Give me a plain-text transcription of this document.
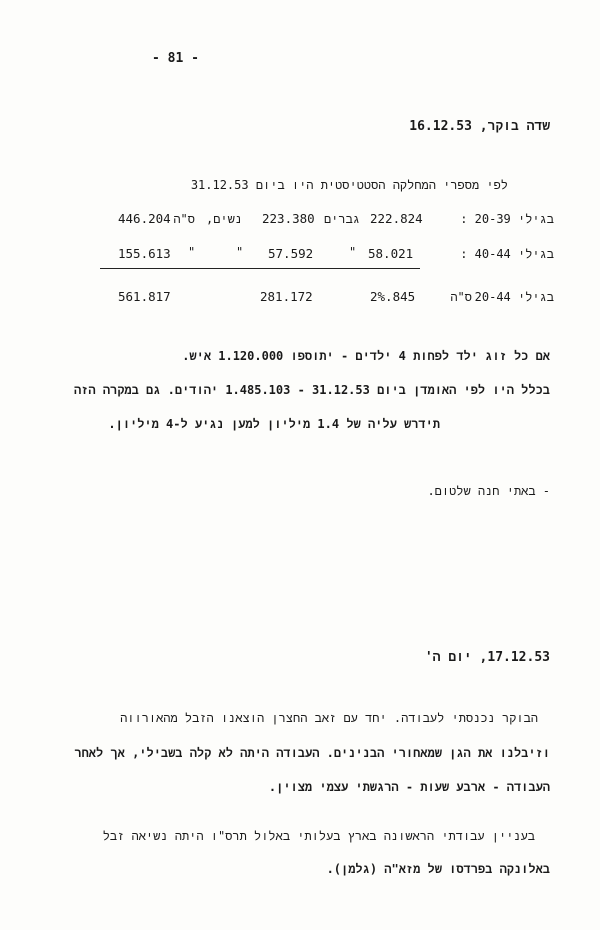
- 81 -
שדה בוקר, 16.12.53
לפי מספרי המחלקה הסטטיסטית היו ביום 31.12.53
בגילי 20-39 :
222.824
גברים
223.380
נשים,
ס"ה
446.204
בגילי 40-44 :
58.021
"
57.592
"
"
155.613
בגילי 20-44
ס"ה
2%.845
281.172
561.817
אם כל זוג ילד לפחות 4 ילדים - יתוספו 1.120.000 איש.
בכלל היו לפי האומדן ביום 31.12.53 - 1.485.103 יהודים. גם במקרה הזה
תידרש עליה של 1.4 מיליון למען נגיע ל-4 מיליון.
- באתי חנה שלטום.
17.12.53, יום ה'
הבוקר נכנסתי לעבודה. יחד עם זאב החצרן הוצאנו הזבל מהאורווה
וזיבלנו את הגן שמאחורי הבנינים. העבודה היתה לא קלה בשבילי, אך לאחר
העבודה - ארבע שעות - הרגשתי עצמי מצוין.
בעניין עבודתי הראשונה בארץ בעלותי באלול תרס"ו היתה נשיאה זבל
באלונקה בפרדסו של מזא"ה (גלמן).
